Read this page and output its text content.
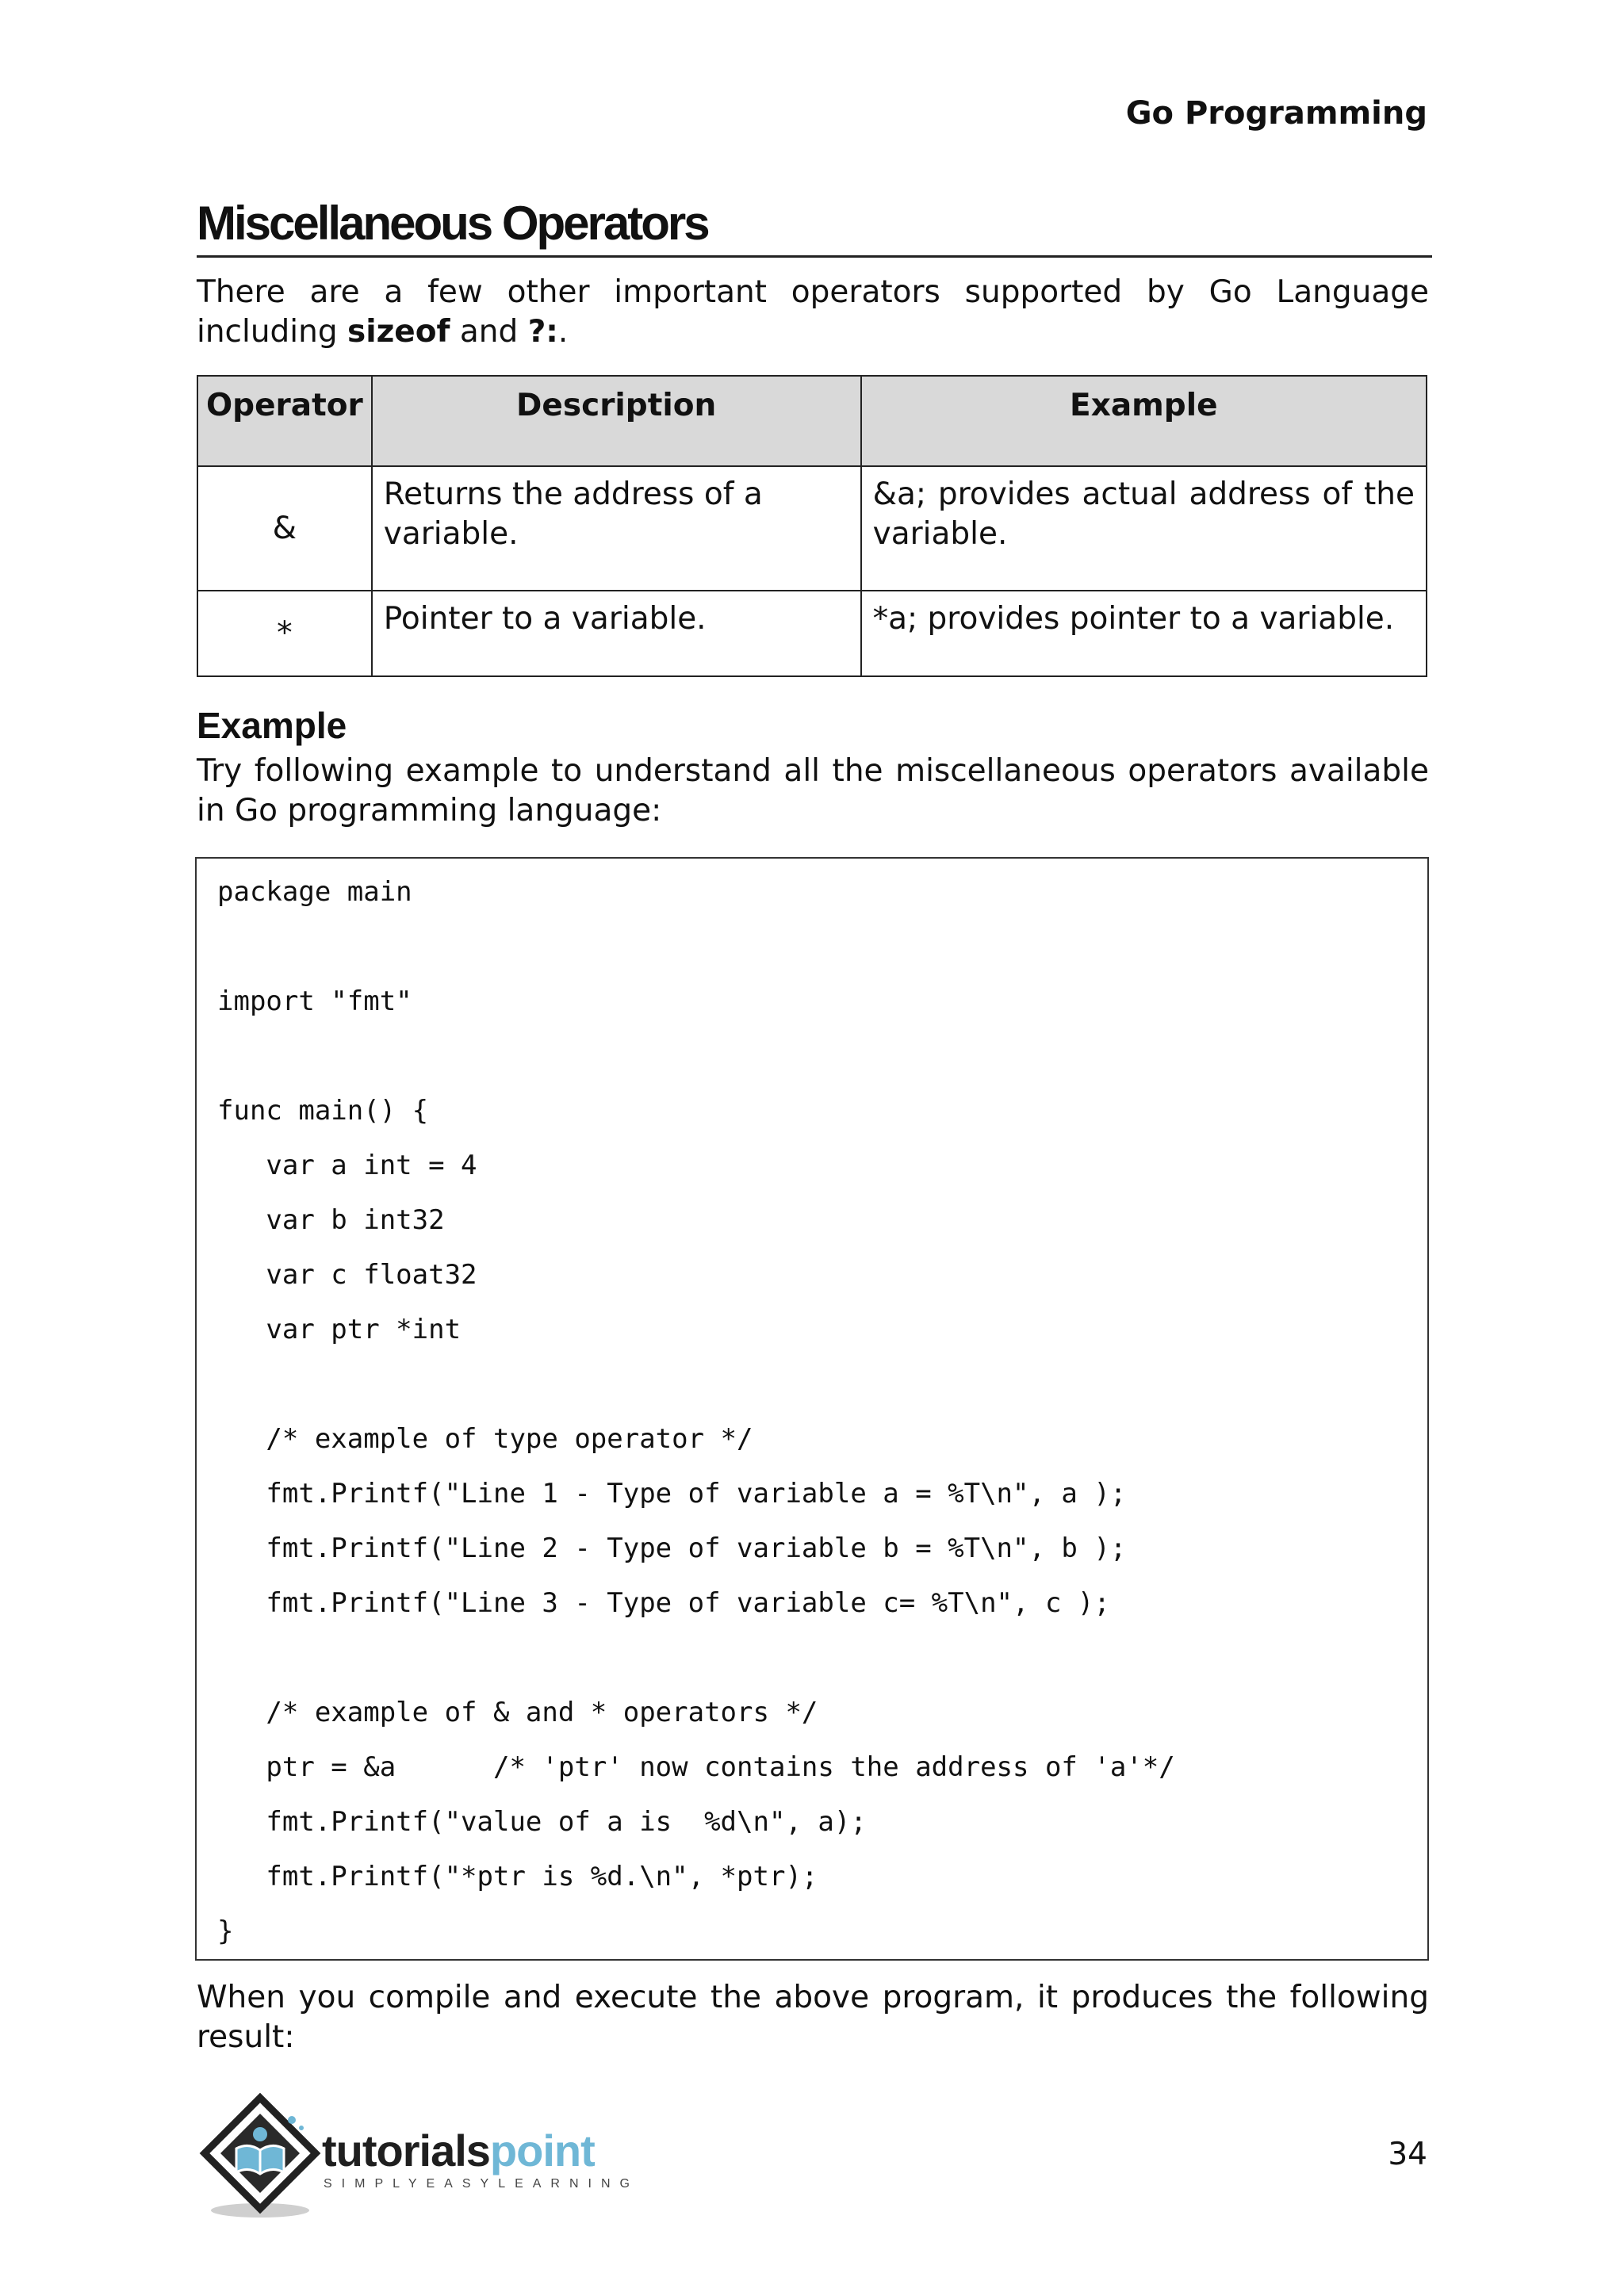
Go Programming
Miscellaneous Operators
There are a few other important operators supported by Go Language
including sizeof and ?:.
Operator	Description	Example
&	Returns the address of a variable.	&a; provides actual address of the variable.
*	Pointer to a variable.	*a; provides pointer to a variable.
Example
Try following example to understand all the miscellaneous operators available in Go programming language:
package main
import "fmt"
func main() {
var a int = 4
var b int32
var c float32
var ptr *int
/* example of type operator */
fmt.Printf("Line 1 - Type of variable a = %T\n", a );
fmt.Printf("Line 2 - Type of variable b = %T\n", b );
fmt.Printf("Line 3 - Type of variable c= %T\n", c );
/* example of & and * operators */
ptr = &a      /* 'ptr' now contains the address of 'a'*/
fmt.Printf("value of a is  %d\n", a);
fmt.Printf("*ptr is %d.\n", *ptr);
}
When you compile and execute the above program, it produces the following result:
tutorialspoint
SIMPLYEASYLEARNING
34
